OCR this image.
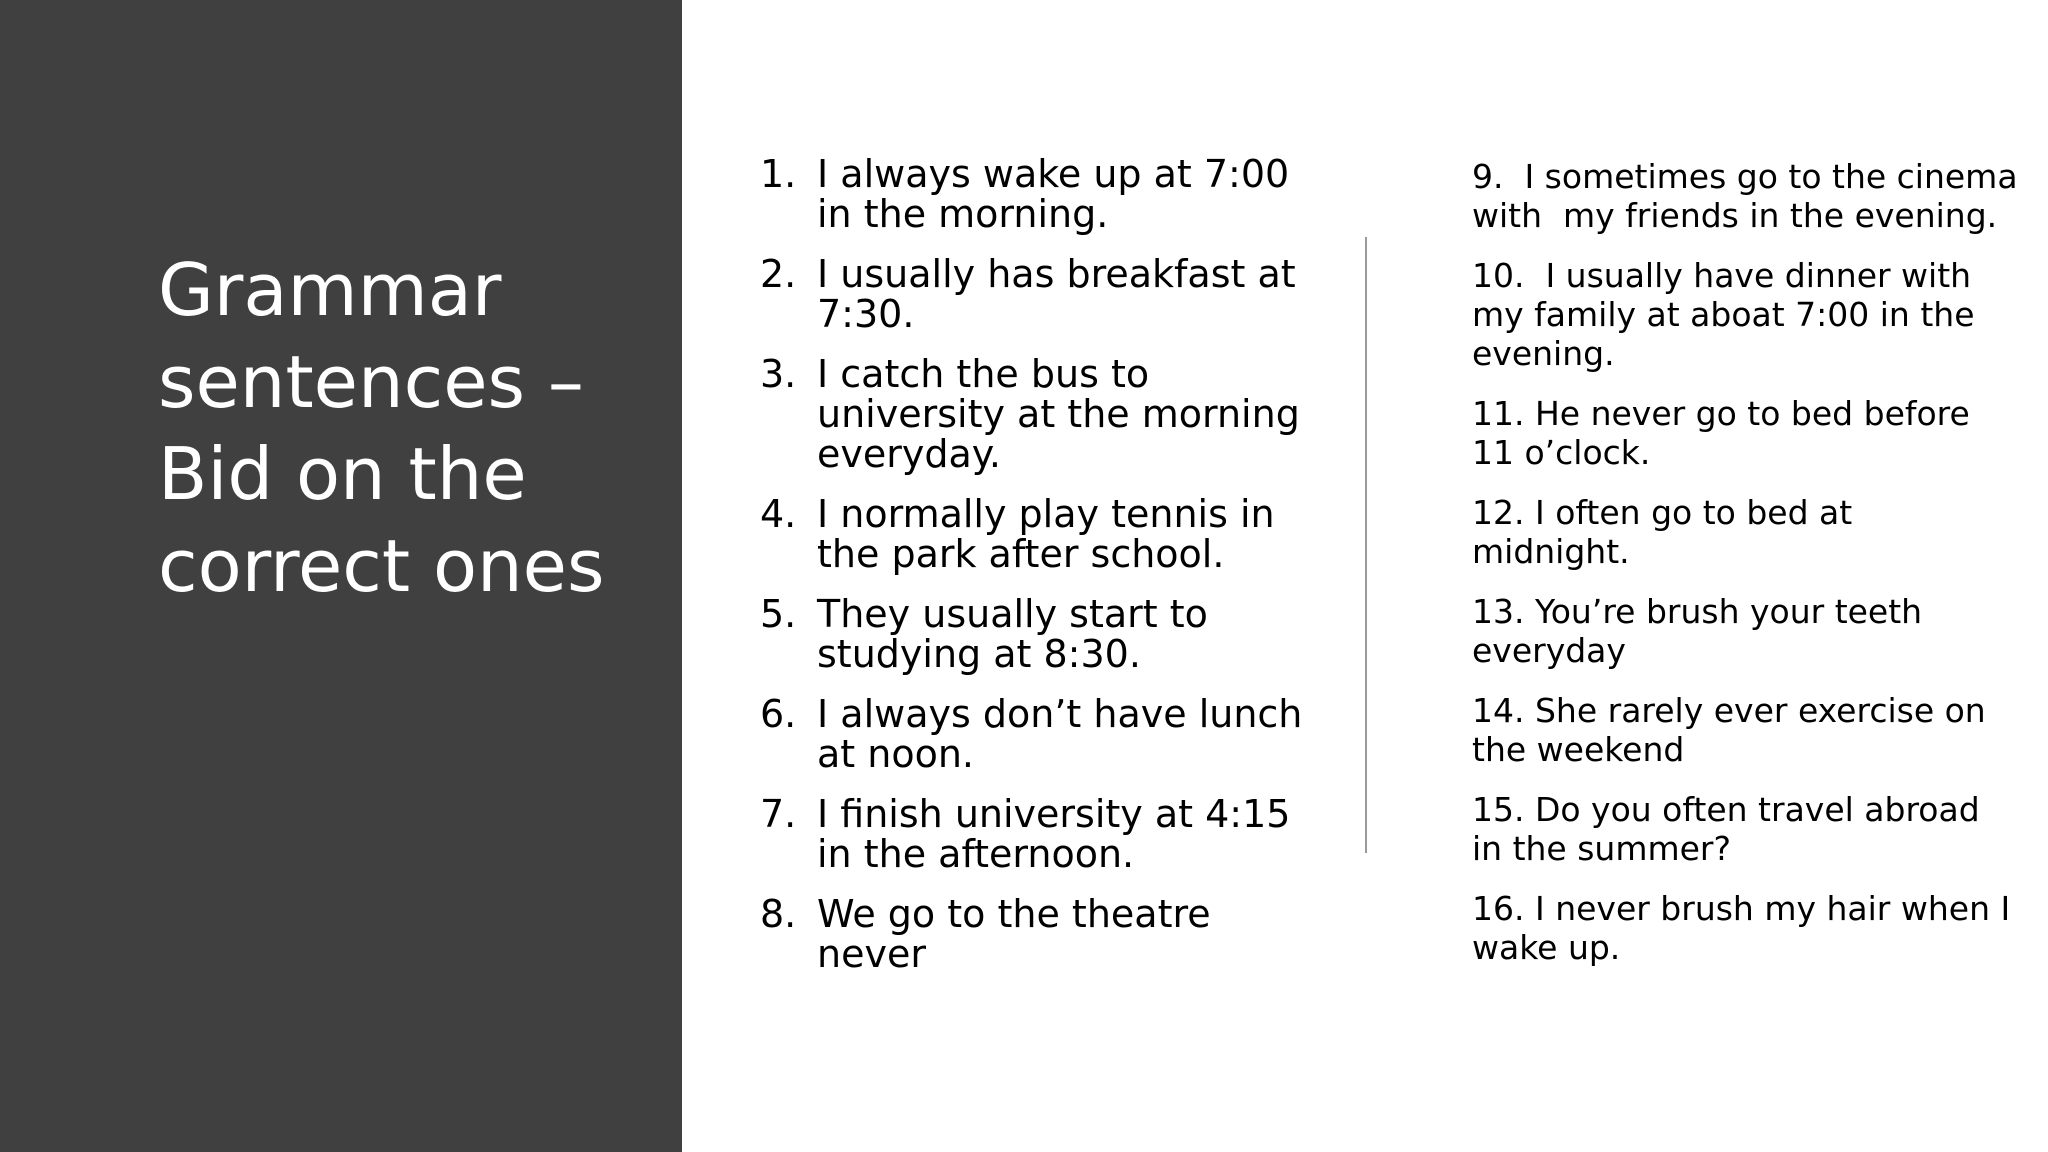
Grammar
sentences –
Bid on the
correct ones
1. I always wake up at 7:00
in the morning.
2. I usually has breakfast at
7:30.
3. I catch the bus to
university at the morning
everyday.
4. I normally play tennis in
the park after school.
5. They usually start to
studying at 8:30.
6. I always don’t have lunch
at noon.
7. I finish university at 4:15
in the afternoon.
8. We go to the theatre
never
9.  I sometimes go to the cinema
with  my friends in the evening.
10.  I usually have dinner with
my family at aboat 7:00 in the
evening.
11. He never go to bed before
11 o’clock.
12. I often go to bed at
midnight.
13. You’re brush your teeth
everyday
14. She rarely ever exercise on
the weekend
15. Do you often travel abroad
in the summer?
16. I never brush my hair when I
wake up.
